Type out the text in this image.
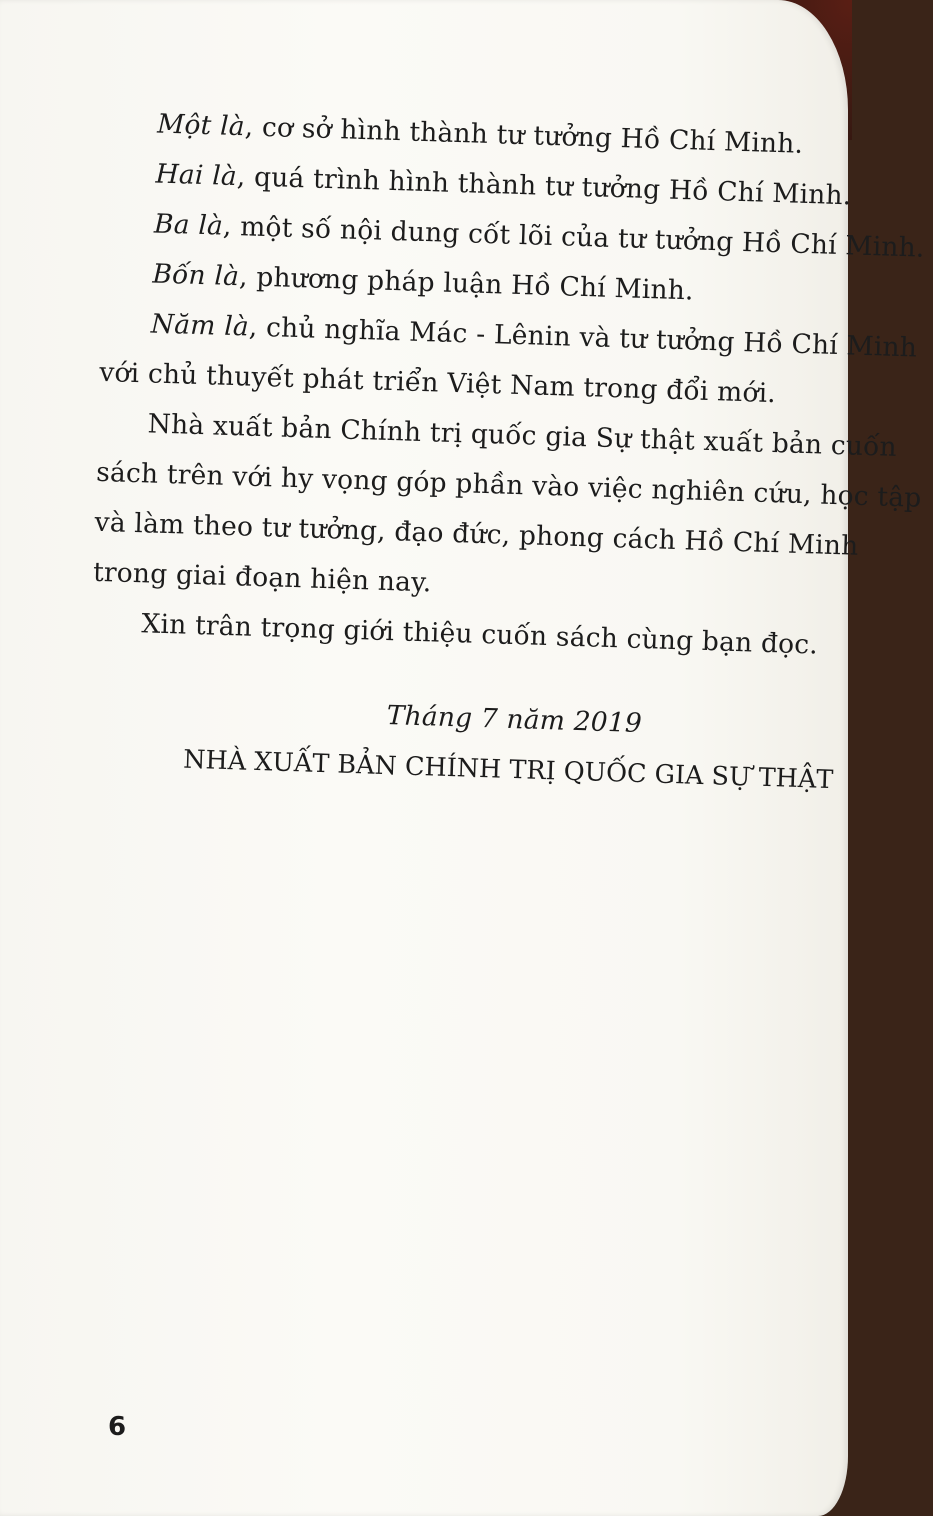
Một là, cơ sở hình thành tư tưởng Hồ Chí Minh.

Hai là, quá trình hình thành tư tưởng Hồ Chí Minh.

Ba là, một số nội dung cốt lõi của tư tưởng Hồ Chí Minh.

Bốn là, phương pháp luận Hồ Chí Minh.

Năm là, chủ nghĩa Mác - Lênin và tư tưởng Hồ Chí Minh

với chủ thuyết phát triển Việt Nam trong đổi mới.

Nhà xuất bản Chính trị quốc gia Sự thật xuất bản cuốn

sách trên với hy vọng góp phần vào việc nghiên cứu, học tập

và làm theo tư tưởng, đạo đức, phong cách Hồ Chí Minh

trong giai đoạn hiện nay.

Xin trân trọng giới thiệu cuốn sách cùng bạn đọc.

Tháng 7 năm 2019

NHÀ XUẤT BẢN CHÍNH TRỊ QUỐC GIA SỰ THẬT

6
